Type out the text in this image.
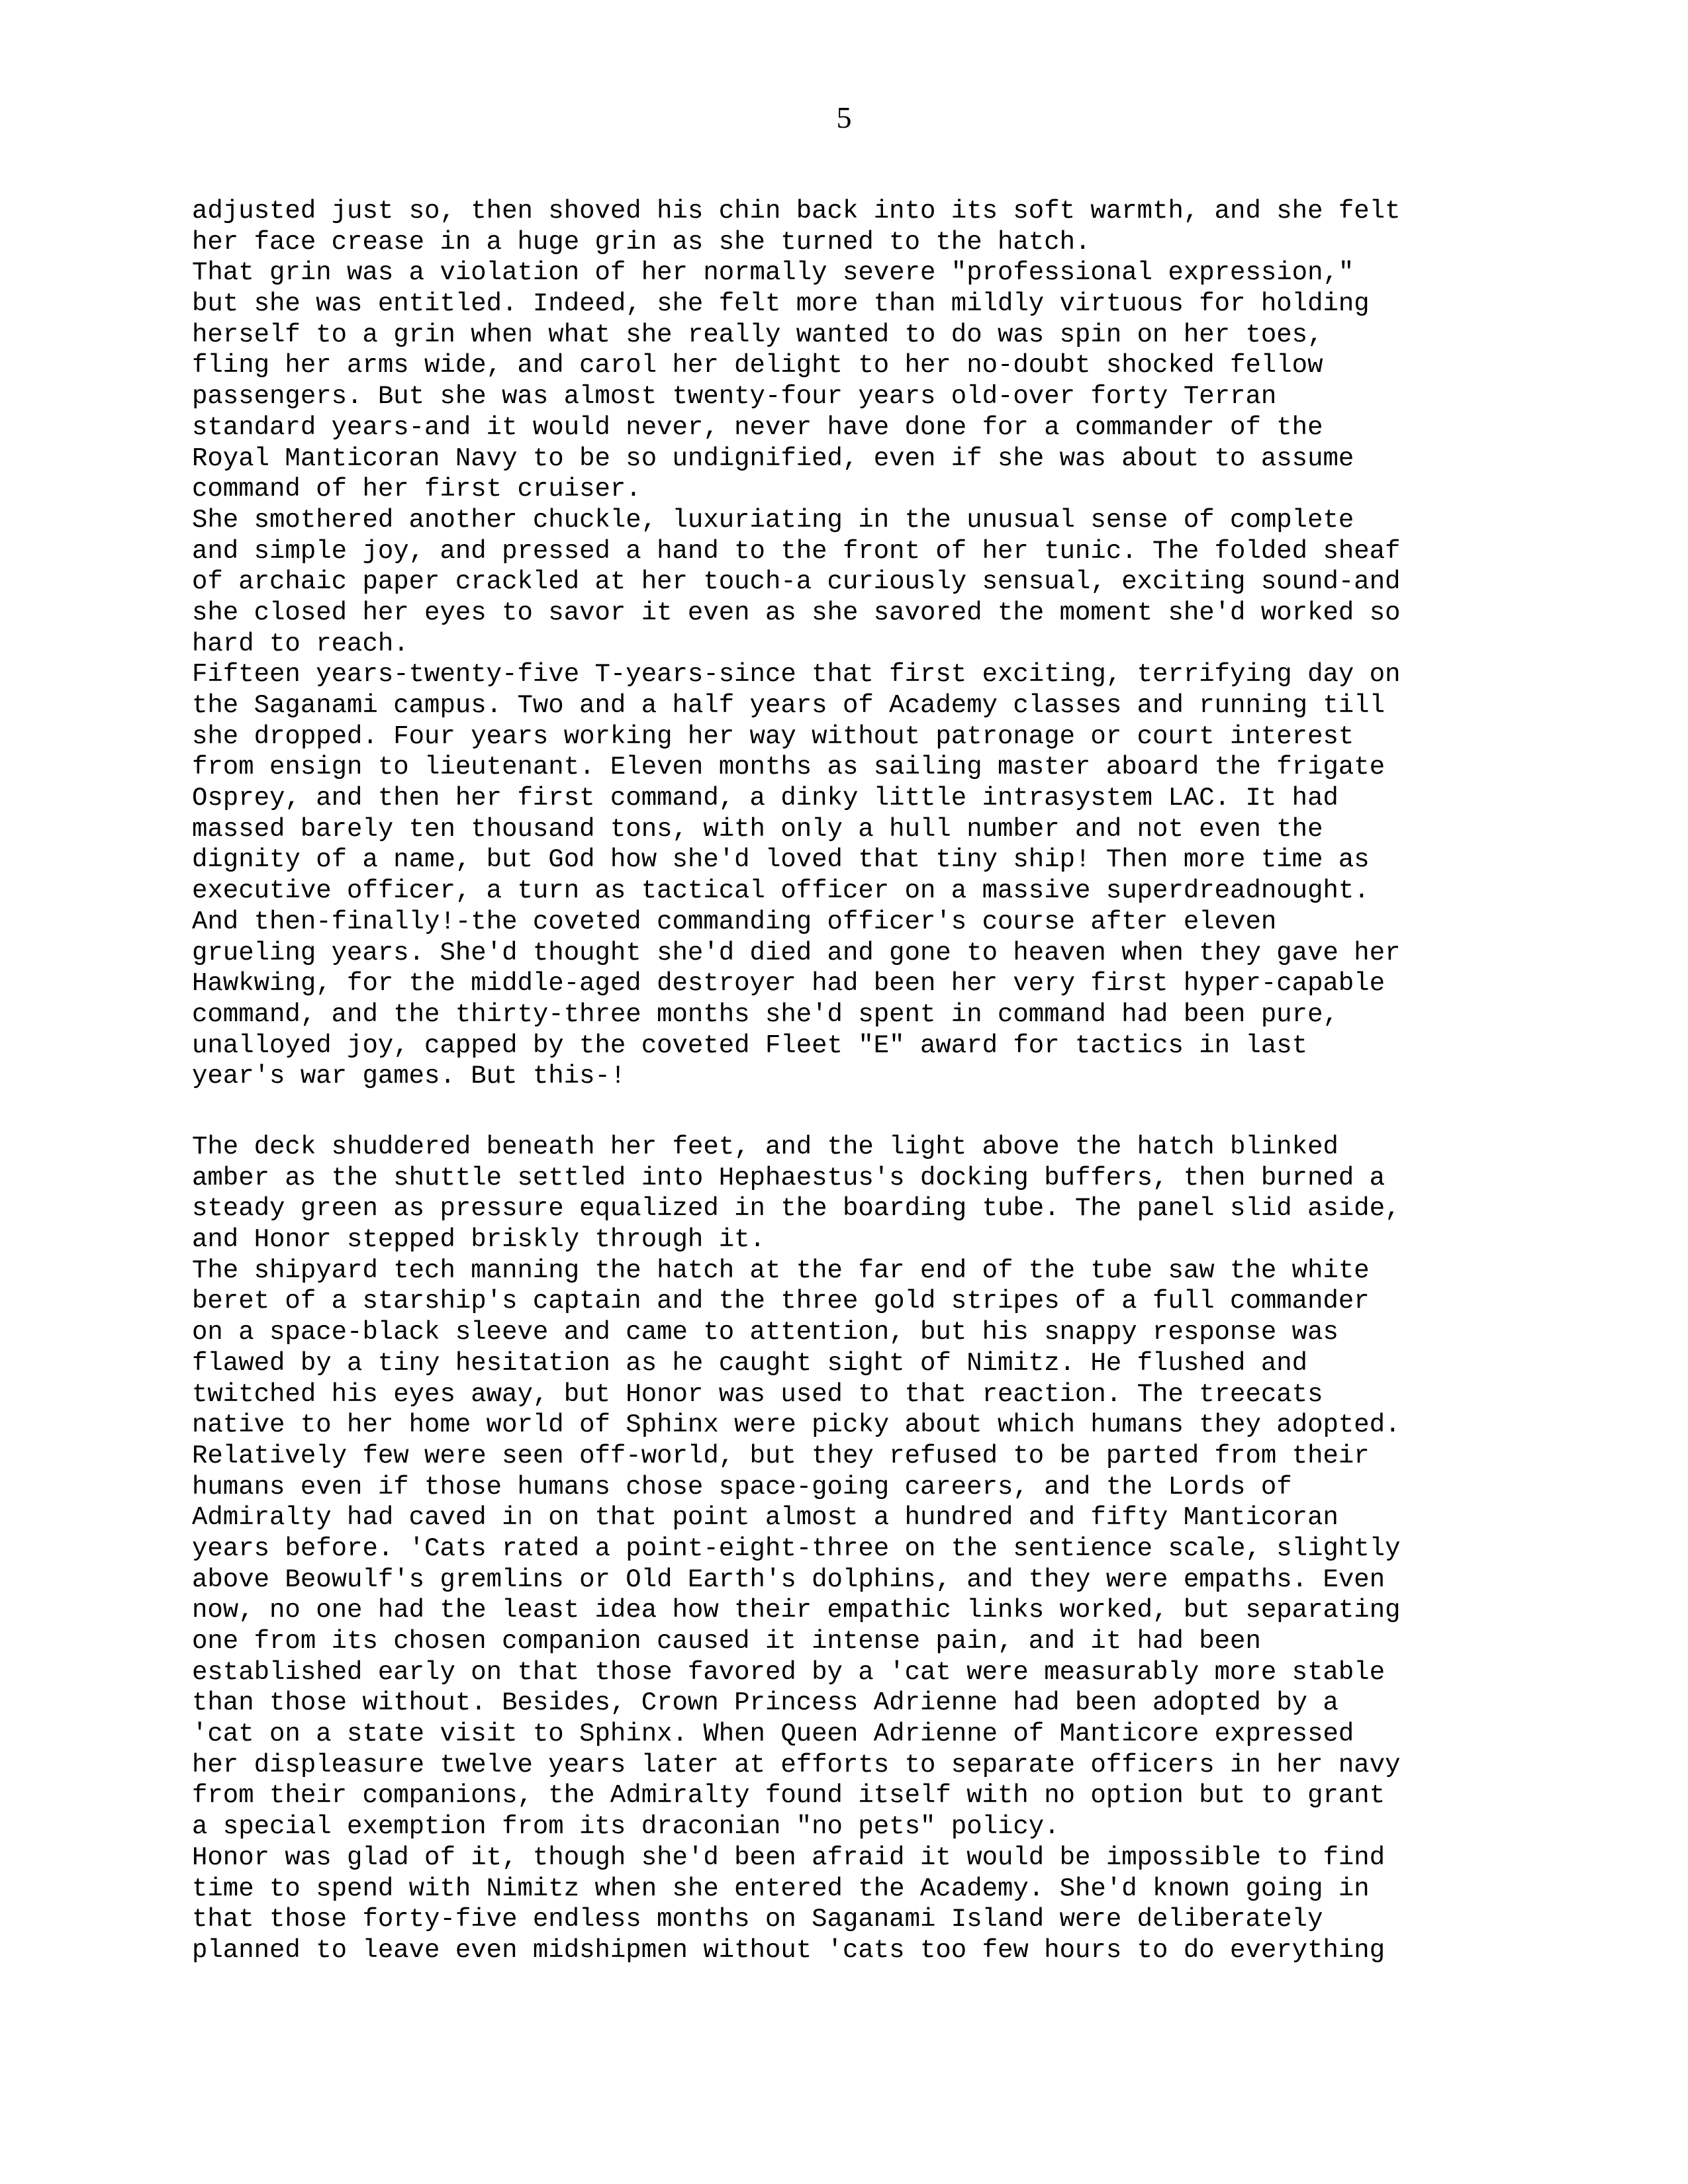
5
adjusted just so, then shoved his chin back into its soft warmth, and she felt
her face crease in a huge grin as she turned to the hatch.
That grin was a violation of her normally severe "professional expression,"
but she was entitled. Indeed, she felt more than mildly virtuous for holding
herself to a grin when what she really wanted to do was spin on her toes,
fling her arms wide, and carol her delight to her no-doubt shocked fellow
passengers. But she was almost twenty-four years old-over forty Terran
standard years-and it would never, never have done for a commander of the
Royal Manticoran Navy to be so undignified, even if she was about to assume
command of her first cruiser.
She smothered another chuckle, luxuriating in the unusual sense of complete
and simple joy, and pressed a hand to the front of her tunic. The folded sheaf
of archaic paper crackled at her touch-a curiously sensual, exciting sound-and
she closed her eyes to savor it even as she savored the moment she'd worked so
hard to reach.
Fifteen years-twenty-five T-years-since that first exciting, terrifying day on
the Saganami campus. Two and a half years of Academy classes and running till
she dropped. Four years working her way without patronage or court interest
from ensign to lieutenant. Eleven months as sailing master aboard the frigate
Osprey, and then her first command, a dinky little intrasystem LAC. It had
massed barely ten thousand tons, with only a hull number and not even the
dignity of a name, but God how she'd loved that tiny ship! Then more time as
executive officer, a turn as tactical officer on a massive superdreadnought.
And then-finally!-the coveted commanding officer's course after eleven
grueling years. She'd thought she'd died and gone to heaven when they gave her
Hawkwing, for the middle-aged destroyer had been her very first hyper-capable
command, and the thirty-three months she'd spent in command had been pure,
unalloyed joy, capped by the coveted Fleet "E" award for tactics in last
year's war games. But this-!
The deck shuddered beneath her feet, and the light above the hatch blinked
amber as the shuttle settled into Hephaestus's docking buffers, then burned a
steady green as pressure equalized in the boarding tube. The panel slid aside,
and Honor stepped briskly through it.
The shipyard tech manning the hatch at the far end of the tube saw the white
beret of a starship's captain and the three gold stripes of a full commander
on a space-black sleeve and came to attention, but his snappy response was
flawed by a tiny hesitation as he caught sight of Nimitz. He flushed and
twitched his eyes away, but Honor was used to that reaction. The treecats
native to her home world of Sphinx were picky about which humans they adopted.
Relatively few were seen off-world, but they refused to be parted from their
humans even if those humans chose space-going careers, and the Lords of
Admiralty had caved in on that point almost a hundred and fifty Manticoran
years before. 'Cats rated a point-eight-three on the sentience scale, slightly
above Beowulf's gremlins or Old Earth's dolphins, and they were empaths. Even
now, no one had the least idea how their empathic links worked, but separating
one from its chosen companion caused it intense pain, and it had been
established early on that those favored by a 'cat were measurably more stable
than those without. Besides, Crown Princess Adrienne had been adopted by a
'cat on a state visit to Sphinx. When Queen Adrienne of Manticore expressed
her displeasure twelve years later at efforts to separate officers in her navy
from their companions, the Admiralty found itself with no option but to grant
a special exemption from its draconian "no pets" policy.
Honor was glad of it, though she'd been afraid it would be impossible to find
time to spend with Nimitz when she entered the Academy. She'd known going in
that those forty-five endless months on Saganami Island were deliberately
planned to leave even midshipmen without 'cats too few hours to do everything
